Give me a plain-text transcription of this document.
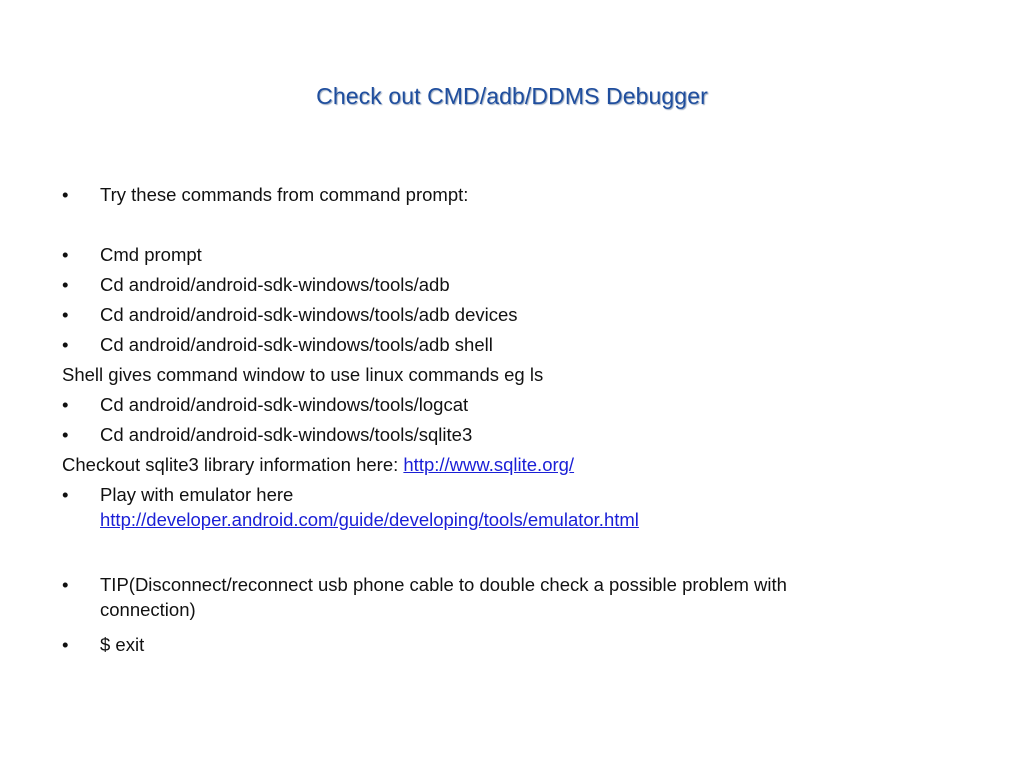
Check out CMD/adb/DDMS Debugger
•	Try these commands from command prompt:
•	Cmd prompt
•	Cd android/android-sdk-windows/tools/adb
•	Cd android/android-sdk-windows/tools/adb devices
•	Cd android/android-sdk-windows/tools/adb shell
Shell gives command window to use linux commands eg ls
•	Cd android/android-sdk-windows/tools/logcat
•	Cd android/android-sdk-windows/tools/sqlite3
Checkout sqlite3 library information here: http://www.sqlite.org/
•	Play with emulator here
http://developer.android.com/guide/developing/tools/emulator.html
•	TIP(Disconnect/reconnect usb phone cable to double check a possible problem with
connection)
•	$ exit
